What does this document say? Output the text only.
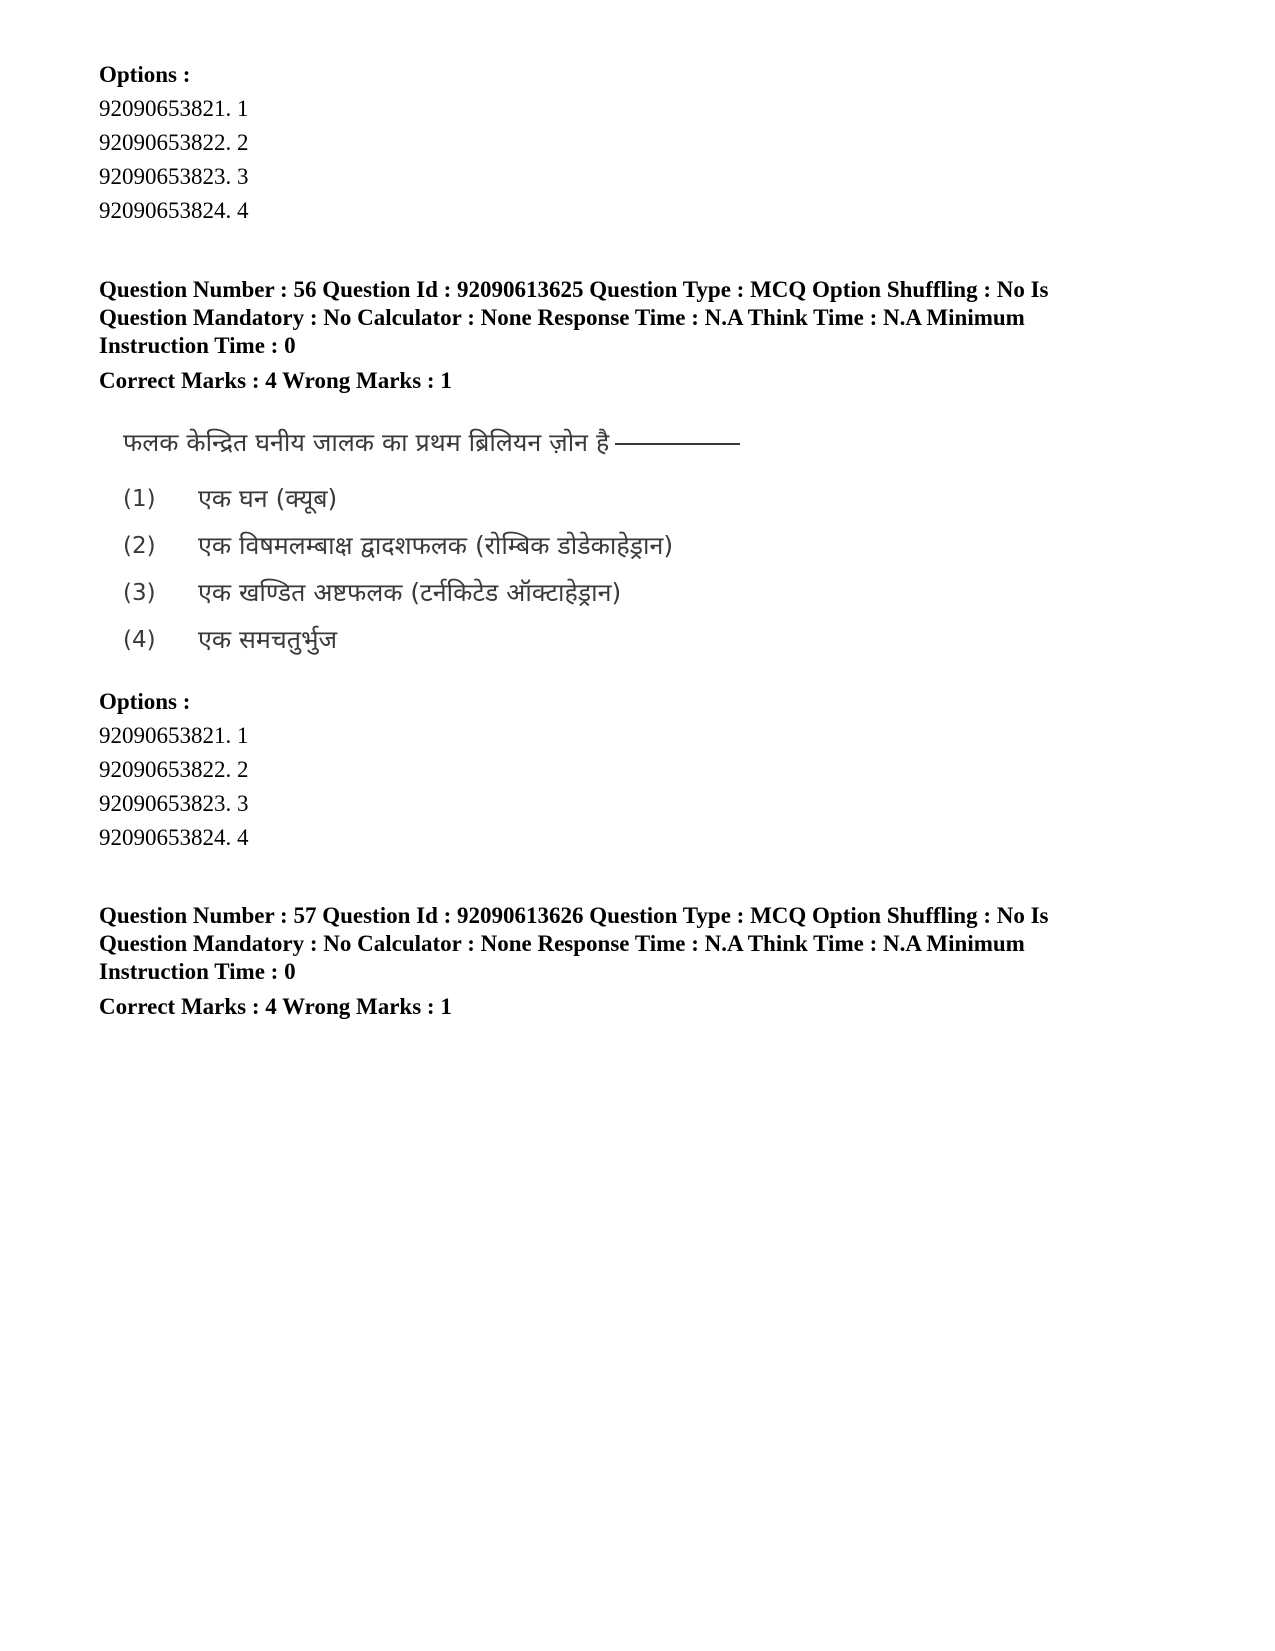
Options :
92090653821. 1
92090653822. 2
92090653823. 3
92090653824. 4
Question Number : 56 Question Id : 92090613625 Question Type : MCQ Option Shuffling : No Is
Question Mandatory : No Calculator : None Response Time : N.A Think Time : N.A Minimum
Instruction Time : 0
Correct Marks : 4 Wrong Marks : 1
फलक केन्द्रित घनीय जालक का प्रथम ब्रिलियन ज़ोन है
(1)	एक घन (क्यूब)
(2)	एक विषमलम्बाक्ष द्वादशफलक (रोम्बिक डोडेकाहेड्रान)
(3)	एक खण्डित अष्टफलक (टर्नकिटेड ऑक्टाहेड्रान)
(4)	एक समचतुर्भुज
Options :
92090653821. 1
92090653822. 2
92090653823. 3
92090653824. 4
Question Number : 57 Question Id : 92090613626 Question Type : MCQ Option Shuffling : No Is
Question Mandatory : No Calculator : None Response Time : N.A Think Time : N.A Minimum
Instruction Time : 0
Correct Marks : 4 Wrong Marks : 1
